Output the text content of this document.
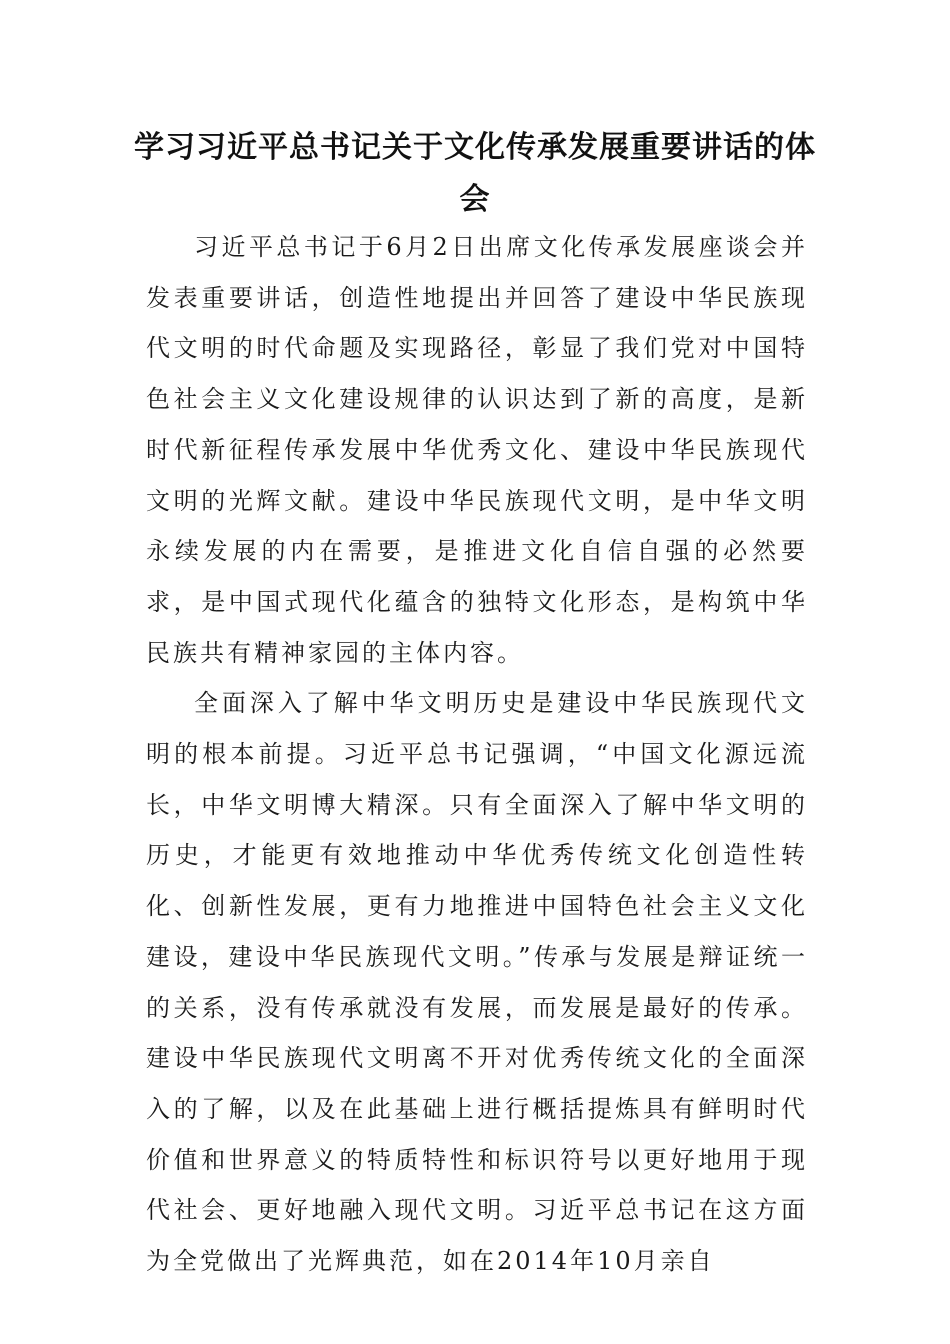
学习习近平总书记关于文化传承发展重要讲话的体会

习近平总书记于6月2日出席文化传承发展座谈会并发表重要讲话，创造性地提出并回答了建设中华民族现代文明的时代命题及实现路径，彰显了我们党对中国特色社会主义文化建设规律的认识达到了新的高度，是新时代新征程传承发展中华优秀文化、建设中华民族现代文明的光辉文献。建设中华民族现代文明，是中华文明永续发展的内在需要，是推进文化自信自强的必然要求，是中国式现代化蕴含的独特文化形态，是构筑中华民族共有精神家园的主体内容。

全面深入了解中华文明历史是建设中华民族现代文明的根本前提。习近平总书记强调，“中国文化源远流长，中华文明博大精深。只有全面深入了解中华文明的历史，才能更有效地推动中华优秀传统文化创造性转化、创新性发展，更有力地推进中国特色社会主义文化建设，建设中华民族现代文明。”传承与发展是辩证统一的关系，没有传承就没有发展，而发展是最好的传承。建设中华民族现代文明离不开对优秀传统文化的全面深入的了解，以及在此基础上进行概括提炼具有鲜明时代价值和世界意义的特质特性和标识符号以更好地用于现代社会、更好地融入现代文明。习近平总书记在这方面为全党做出了光辉典范，如在2014年10月亲自
